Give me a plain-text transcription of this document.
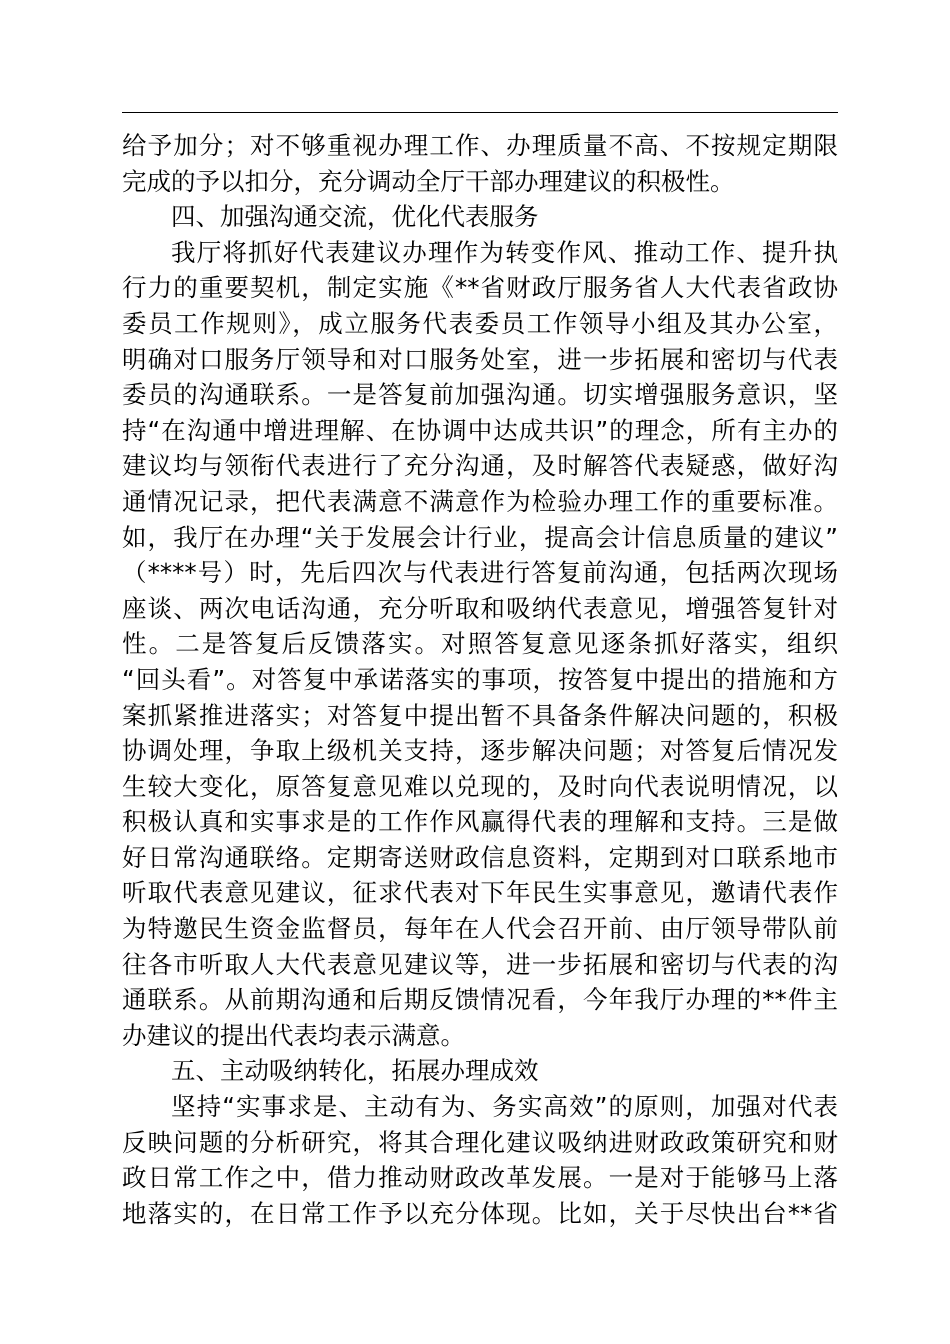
给予加分；对不够重视办理工作、办理质量不高、不按规定期限
完成的予以扣分，充分调动全厅干部办理建议的积极性。
四、加强沟通交流，优化代表服务
我厅将抓好代表建议办理作为转变作风、推动工作、提升执
行力的重要契机，制定实施《**省财政厅服务省人大代表省政协
委员工作规则》，成立服务代表委员工作领导小组及其办公室，
明确对口服务厅领导和对口服务处室，进一步拓展和密切与代表
委员的沟通联系。一是答复前加强沟通。切实增强服务意识，坚
持“在沟通中增进理解、在协调中达成共识”的理念，所有主办的
建议均与领衔代表进行了充分沟通，及时解答代表疑惑，做好沟
通情况记录，把代表满意不满意作为检验办理工作的重要标准。
如，我厅在办理“关于发展会计行业，提高会计信息质量的建议”
（****号）时，先后四次与代表进行答复前沟通，包括两次现场
座谈、两次电话沟通，充分听取和吸纳代表意见，增强答复针对
性。二是答复后反馈落实。对照答复意见逐条抓好落实，组织
“回头看”。对答复中承诺落实的事项，按答复中提出的措施和方
案抓紧推进落实；对答复中提出暂不具备条件解决问题的，积极
协调处理，争取上级机关支持，逐步解决问题；对答复后情况发
生较大变化，原答复意见难以兑现的，及时向代表说明情况，以
积极认真和实事求是的工作作风赢得代表的理解和支持。三是做
好日常沟通联络。定期寄送财政信息资料，定期到对口联系地市
听取代表意见建议，征求代表对下年民生实事意见，邀请代表作
为特邀民生资金监督员，每年在人代会召开前、由厅领导带队前
往各市听取人大代表意见建议等，进一步拓展和密切与代表的沟
通联系。从前期沟通和后期反馈情况看，今年我厅办理的**件主
办建议的提出代表均表示满意。
五、主动吸纳转化，拓展办理成效
坚持“实事求是、主动有为、务实高效”的原则，加强对代表
反映问题的分析研究，将其合理化建议吸纳进财政政策研究和财
政日常工作之中，借力推动财政改革发展。一是对于能够马上落
地落实的，在日常工作予以充分体现。比如，关于尽快出台**省
